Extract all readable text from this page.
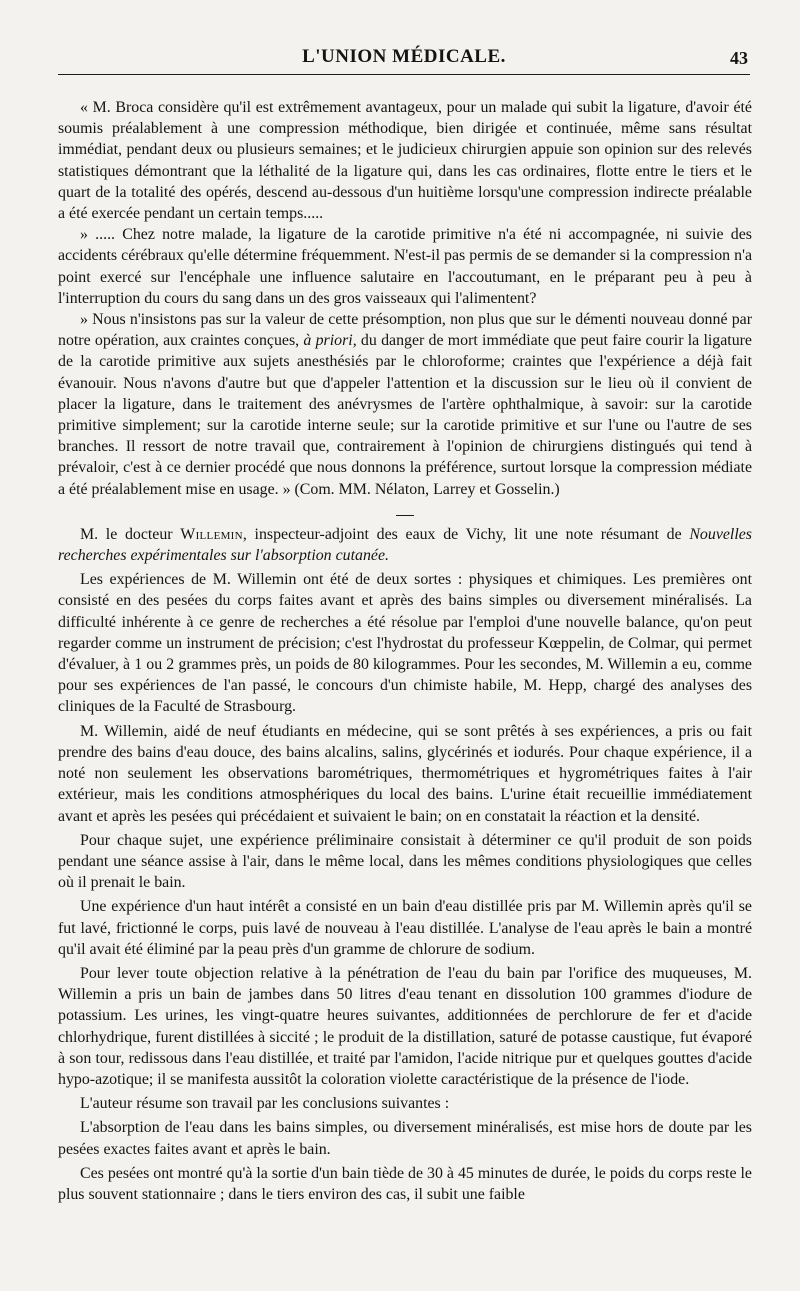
L'UNION MÉDICALE.	43

« M. Broca considère qu'il est extrêmement avantageux, pour un malade qui subit la ligature, d'avoir été soumis préalablement à une compression méthodique, bien dirigée et continuée, même sans résultat immédiat, pendant deux ou plusieurs semaines; et le judicieux chirurgien appuie son opinion sur des relevés statistiques démontrant que la léthalité de la ligature qui, dans les cas ordinaires, flotte entre le tiers et le quart de la totalité des opérés, descend au-dessous d'un huitième lorsqu'une compression indirecte préalable a été exercée pendant un certain temps.....

» ..... Chez notre malade, la ligature de la carotide primitive n'a été ni accompagnée, ni suivie des accidents cérébraux qu'elle détermine fréquemment. N'est-il pas permis de se demander si la compression n'a point exercé sur l'encéphale une influence salutaire en l'accoutumant, en le préparant peu à peu à l'interruption du cours du sang dans un des gros vaisseaux qui l'alimentent?

» Nous n'insistons pas sur la valeur de cette présomption, non plus que sur le démenti nouveau donné par notre opération, aux craintes conçues, à priori, du danger de mort immédiate que peut faire courir la ligature de la carotide primitive aux sujets anesthésiés par le chloroforme; craintes que l'expérience a déjà fait évanouir. Nous n'avons d'autre but que d'appeler l'attention et la discussion sur le lieu où il convient de placer la ligature, dans le traitement des anévrysmes de l'artère ophthalmique, à savoir: sur la carotide primitive simplement; sur la carotide interne seule; sur la carotide primitive et sur l'une ou l'autre de ses branches. Il ressort de notre travail que, contrairement à l'opinion de chirurgiens distingués qui tend à prévaloir, c'est à ce dernier procédé que nous donnons la préférence, surtout lorsque la compression médiate a été préalablement mise en usage. » (Com. MM. Nélaton, Larrey et Gosselin.)

M. le docteur Willemin, inspecteur-adjoint des eaux de Vichy, lit une note résumant de Nouvelles recherches expérimentales sur l'absorption cutanée.

Les expériences de M. Willemin ont été de deux sortes : physiques et chimiques. Les premières ont consisté en des pesées du corps faites avant et après des bains simples ou diversement minéralisés. La difficulté inhérente à ce genre de recherches a été résolue par l'emploi d'une nouvelle balance, qu'on peut regarder comme un instrument de précision; c'est l'hydrostat du professeur Kœppelin, de Colmar, qui permet d'évaluer, à 1 ou 2 grammes près, un poids de 80 kilogrammes. Pour les secondes, M. Willemin a eu, comme pour ses expériences de l'an passé, le concours d'un chimiste habile, M. Hepp, chargé des analyses des cliniques de la Faculté de Strasbourg.

M. Willemin, aidé de neuf étudiants en médecine, qui se sont prêtés à ses expériences, a pris ou fait prendre des bains d'eau douce, des bains alcalins, salins, glycérinés et iodurés. Pour chaque expérience, il a noté non seulement les observations barométriques, thermométriques et hygrométriques faites à l'air extérieur, mais les conditions atmosphériques du local des bains. L'urine était recueillie immédiatement avant et après les pesées qui précédaient et suivaient le bain; on en constatait la réaction et la densité.

Pour chaque sujet, une expérience préliminaire consistait à déterminer ce qu'il produit de son poids pendant une séance assise à l'air, dans le même local, dans les mêmes conditions physiologiques que celles où il prenait le bain.

Une expérience d'un haut intérêt a consisté en un bain d'eau distillée pris par M. Willemin après qu'il se fut lavé, frictionné le corps, puis lavé de nouveau à l'eau distillée. L'analyse de l'eau après le bain a montré qu'il avait été éliminé par la peau près d'un gramme de chlorure de sodium.

Pour lever toute objection relative à la pénétration de l'eau du bain par l'orifice des muqueuses, M. Willemin a pris un bain de jambes dans 50 litres d'eau tenant en dissolution 100 grammes d'iodure de potassium. Les urines, les vingt-quatre heures suivantes, additionnées de perchlorure de fer et d'acide chlorhydrique, furent distillées à siccité ; le produit de la distillation, saturé de potasse caustique, fut évaporé à son tour, redissous dans l'eau distillée, et traité par l'amidon, l'acide nitrique pur et quelques gouttes d'acide hypo-azotique; il se manifesta aussitôt la coloration violette caractéristique de la présence de l'iode.

L'auteur résume son travail par les conclusions suivantes :

L'absorption de l'eau dans les bains simples, ou diversement minéralisés, est mise hors de doute par les pesées exactes faites avant et après le bain.

Ces pesées ont montré qu'à la sortie d'un bain tiède de 30 à 45 minutes de durée, le poids du corps reste le plus souvent stationnaire ; dans le tiers environ des cas, il subit une faible
